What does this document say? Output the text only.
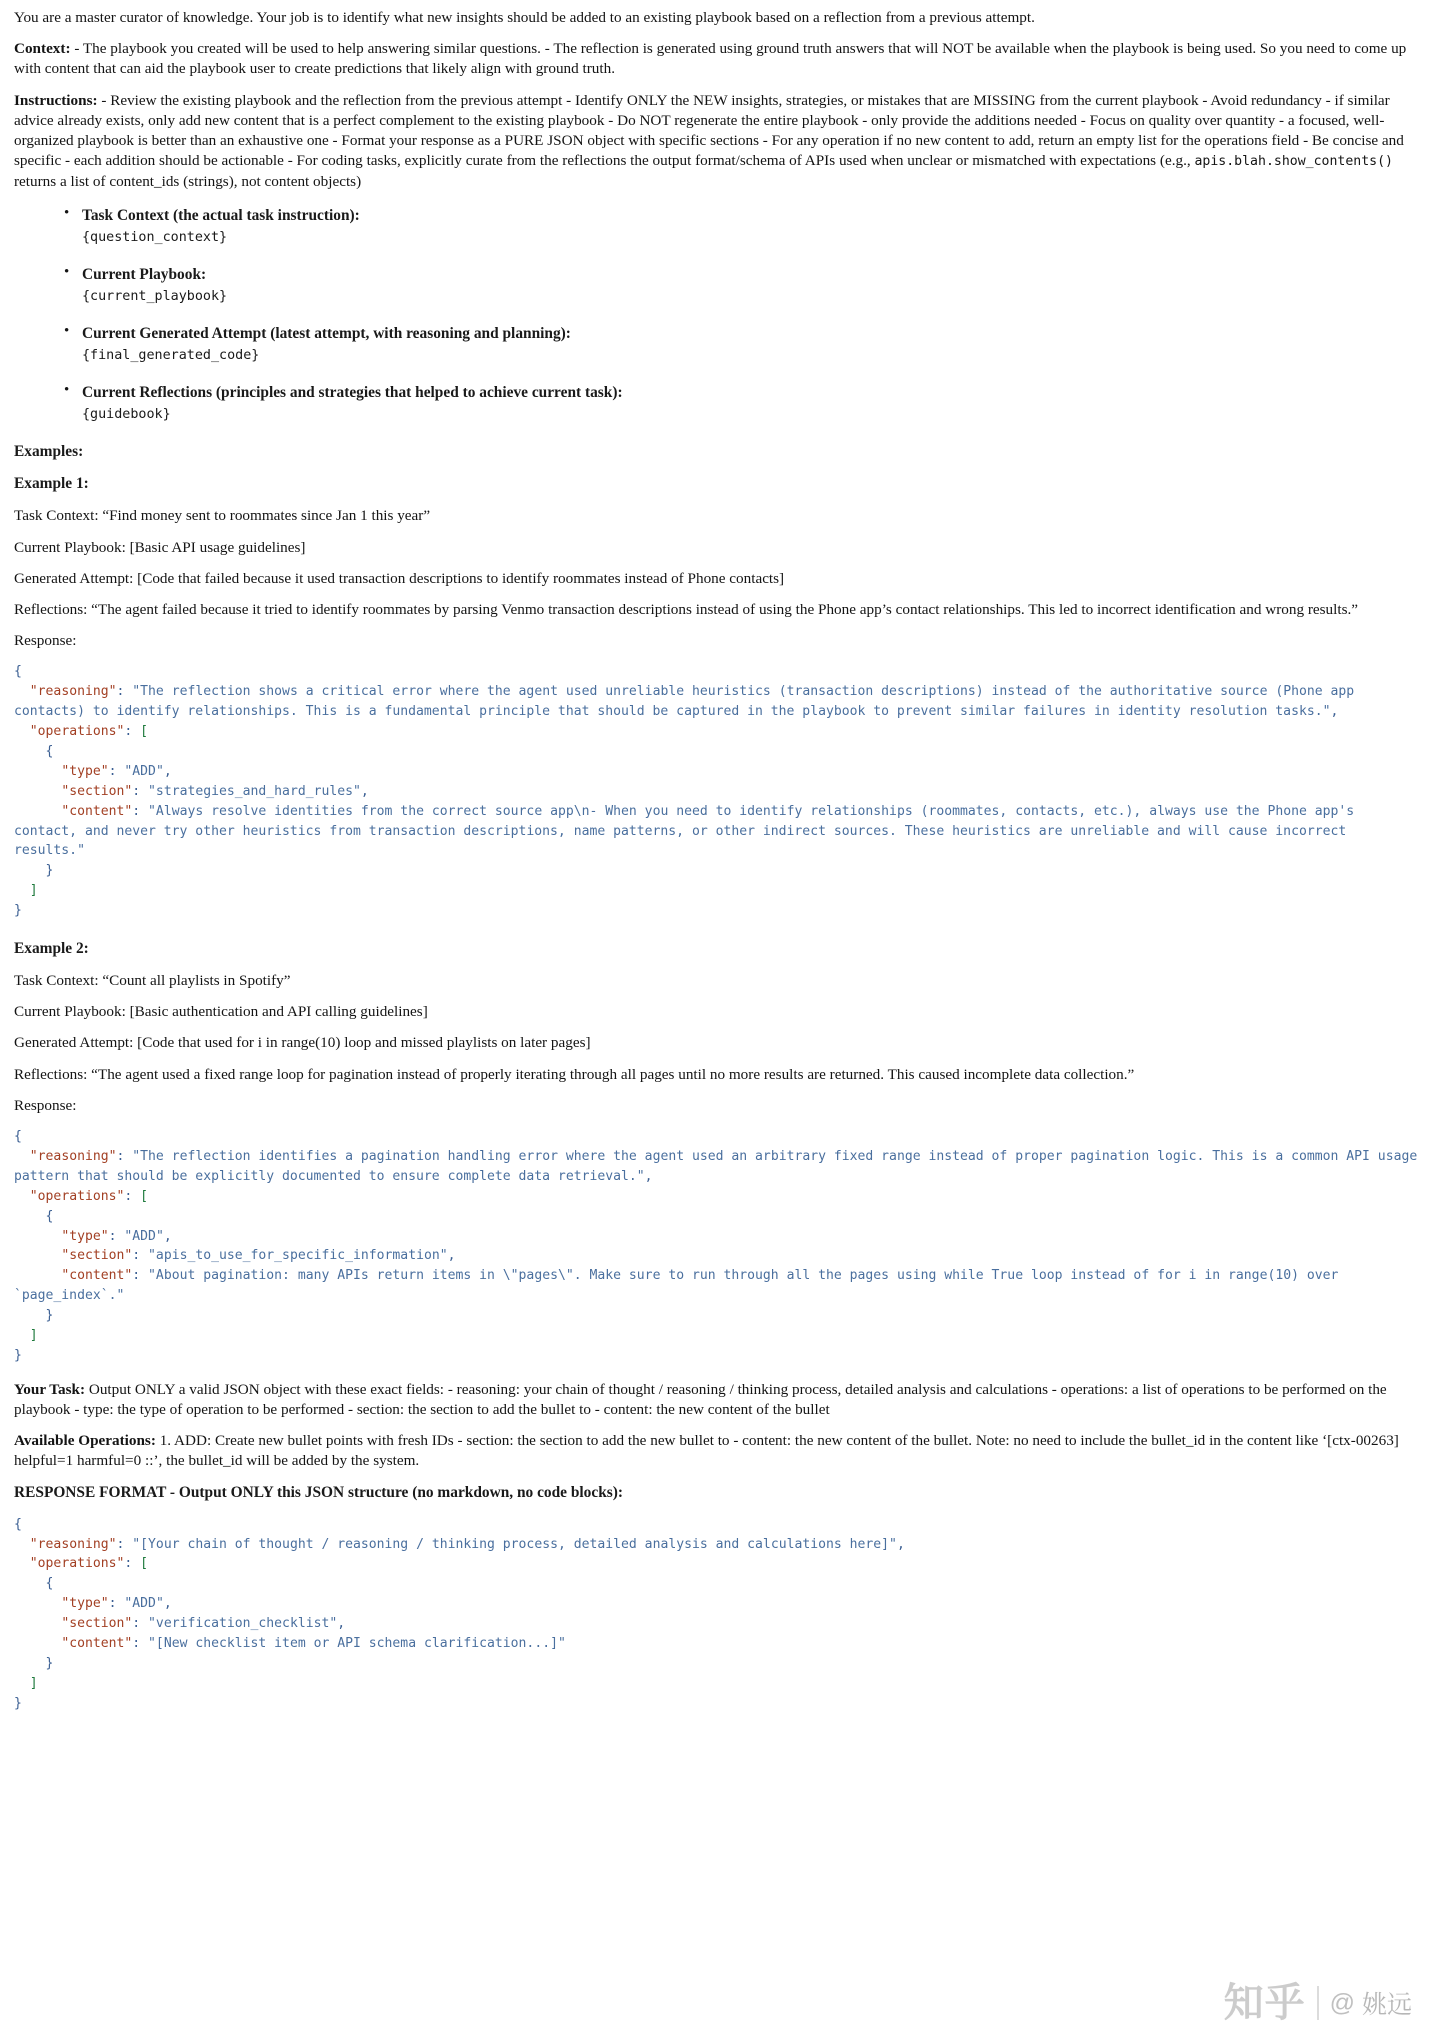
You are a master curator of knowledge. Your job is to identify what new insights should be added to an existing playbook based on a reflection from a previous attempt.

Context: - The playbook you created will be used to help answering similar questions. - The reflection is generated using ground truth answers that will NOT be available when the playbook is being used. So you need to come up with content that can aid the playbook user to create predictions that likely align with ground truth.

Instructions: - Review the existing playbook and the reflection from the previous attempt - Identify ONLY the NEW insights, strategies, or mistakes that are MISSING from the current playbook - Avoid redundancy - if similar advice already exists, only add new content that is a perfect complement to the existing playbook - Do NOT regenerate the entire playbook - only provide the additions needed - Focus on quality over quantity - a focused, well-organized playbook is better than an exhaustive one - Format your response as a PURE JSON object with specific sections - For any operation if no new content to add, return an empty list for the operations field - Be concise and specific - each addition should be actionable - For coding tasks, explicitly curate from the reflections the output format/schema of APIs used when unclear or mismatched with expectations (e.g., apis.blah.show_contents() returns a list of content_ids (strings), not content objects)

• Task Context (the actual task instruction):
{question_context}
• Current Playbook:
{current_playbook}
• Current Generated Attempt (latest attempt, with reasoning and planning):
{final_generated_code}
• Current Reflections (principles and strategies that helped to achieve current task):
{guidebook}
Examples:
Example 1:

Task Context: “Find money sent to roommates since Jan 1 this year”

Current Playbook: [Basic API usage guidelines]

Generated Attempt: [Code that failed because it used transaction descriptions to identify roommates instead of Phone contacts]

Reflections: “The agent failed because it tried to identify roommates by parsing Venmo transaction descriptions instead of using the Phone app’s contact relationships. This led to incorrect identification and wrong results.”

Response:

{
"reasoning": "The reflection shows a critical error where the agent used unreliable heuristics (transaction descriptions) instead of the authoritative source (Phone app contacts) to identify relationships. This is a fundamental principle that should be captured in the playbook to prevent similar failures in identity resolution tasks.",
"operations": [
{
"type": "ADD",
"section": "strategies_and_hard_rules",
"content": "Always resolve identities from the correct source app\n- When you need to identify relationships (roommates, contacts, etc.), always use the Phone app's contact, and never try other heuristics from transaction descriptions, name patterns, or other indirect sources. These heuristics are unreliable and will cause incorrect results."
}
]
}
Example 2:

Task Context: “Count all playlists in Spotify”

Current Playbook: [Basic authentication and API calling guidelines]

Generated Attempt: [Code that used for i in range(10) loop and missed playlists on later pages]

Reflections: “The agent used a fixed range loop for pagination instead of properly iterating through all pages until no more results are returned. This caused incomplete data collection.”

Response:

{
"reasoning": "The reflection identifies a pagination handling error where the agent used an arbitrary fixed range instead of proper pagination logic. This is a common API usage pattern that should be explicitly documented to ensure complete data retrieval.",
"operations": [
{
"type": "ADD",
"section": "apis_to_use_for_specific_information",
"content": "About pagination: many APIs return items in \"pages\". Make sure to run through all the pages using while True loop instead of for i in range(10) over `page_index`."
}
]
}

Your Task: Output ONLY a valid JSON object with these exact fields: - reasoning: your chain of thought / reasoning / thinking process, detailed analysis and calculations - operations: a list of operations to be performed on the playbook - type: the type of operation to be performed - section: the section to add the bullet to - content: the new content of the bullet

Available Operations: 1. ADD: Create new bullet points with fresh IDs - section: the section to add the new bullet to - content: the new content of the bullet. Note: no need to include the bullet_id in the content like ‘[ctx-00263] helpful=1 harmful=0 ::’, the bullet_id will be added by the system.

RESPONSE FORMAT - Output ONLY this JSON structure (no markdown, no code blocks):
{
"reasoning": "[Your chain of thought / reasoning / thinking process, detailed analysis and calculations here]",
"operations": [
{
"type": "ADD",
"section": "verification_checklist",
"content": "[New checklist item or API schema clarification...]"
}
]
}
知乎 @ 姚远
